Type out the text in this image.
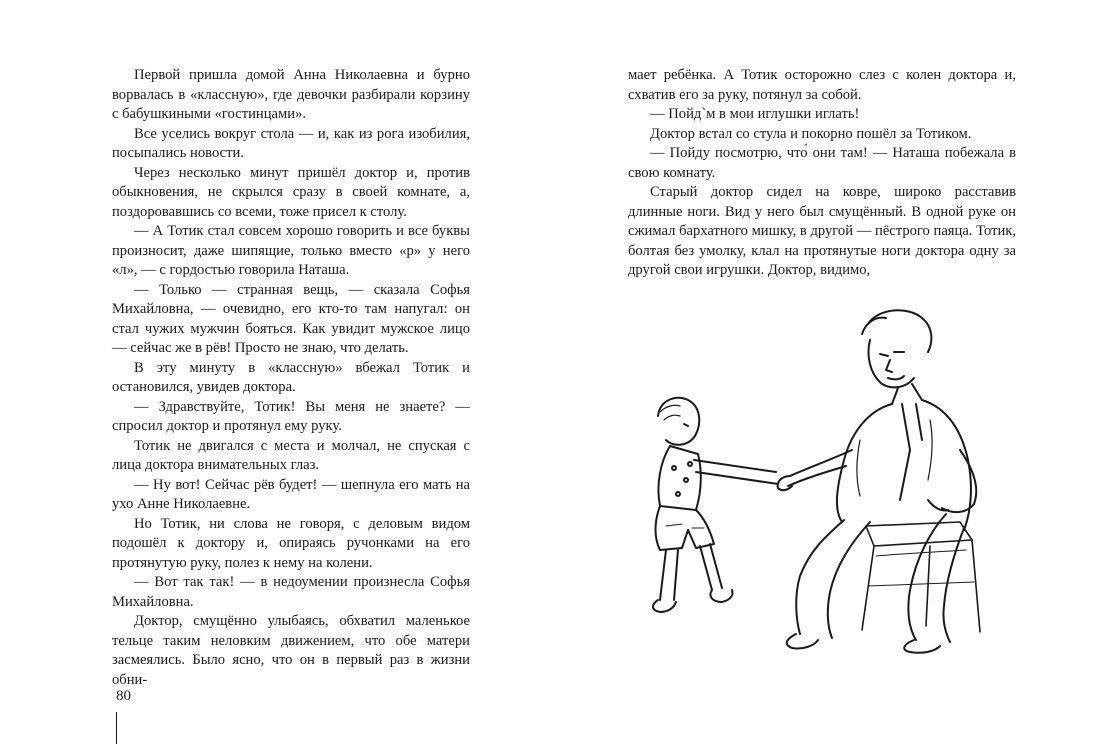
Первой пришла домой Анна Николаевна и бурно ворвалась в «классную», где девочки разбирали корзину с бабушкиными «гостинцами».

Все уселись вокруг стола — и, как из рога изобилия, посыпались новости.

Через несколько минут пришёл доктор и, против обыкновения, не скрылся сразу в своей комнате, а, поздоровавшись со всеми, тоже присел к столу.

— А Тотик стал совсем хорошо говорить и все буквы произносит, даже шипящие, только вместо «р» у него «л», — с гордостью говорила Наташа.

— Только — странная вещь, — сказала Софья Михайловна, — очевидно, его кто-то там напугал: он стал чужих мужчин бояться. Как увидит мужское лицо — сейчас же в рёв! Просто не знаю, что делать.

В эту минуту в «классную» вбежал Тотик и остановился, увидев доктора.

— Здравствуйте, Тотик! Вы меня не знаете? — спросил доктор и протянул ему руку.

Тотик не двигался с места и молчал, не спуская с лица доктора внимательных глаз.

— Ну вот! Сейчас рёв будет! — шепнула его мать на ухо Анне Николаевне.

Но Тотик, ни слова не говоря, с деловым видом подошёл к доктору и, опираясь ручонками на его протянутую руку, полез к нему на колени.

— Вот так так! — в недоумении произнесла Софья Михайловна.

Доктор, смущённо улыбаясь, обхватил маленькое тельце таким неловким движением, что обе матери засмеялись. Было ясно, что он в первый раз в жизни обни-

80

мает ребёнка. А Тотик осторожно слез с колен доктора и, схватив его за руку, потянул за собой.

— Пойд`м в мои иглушки иглать!

Доктор встал со стула и покорно пошёл за Тотиком.

— Пойду посмотрю, что́ они там! — Наташа побежала в свою комнату.

Старый доктор сидел на ковре, широко расставив длинные ноги. Вид у него был смущённый. В одной руке он сжимал бархатного мишку, в другой — пёстрого паяца. Тотик, болтая без умолку, клал на протянутые ноги доктора одну за другой свои игрушки. Доктор, видимо,
